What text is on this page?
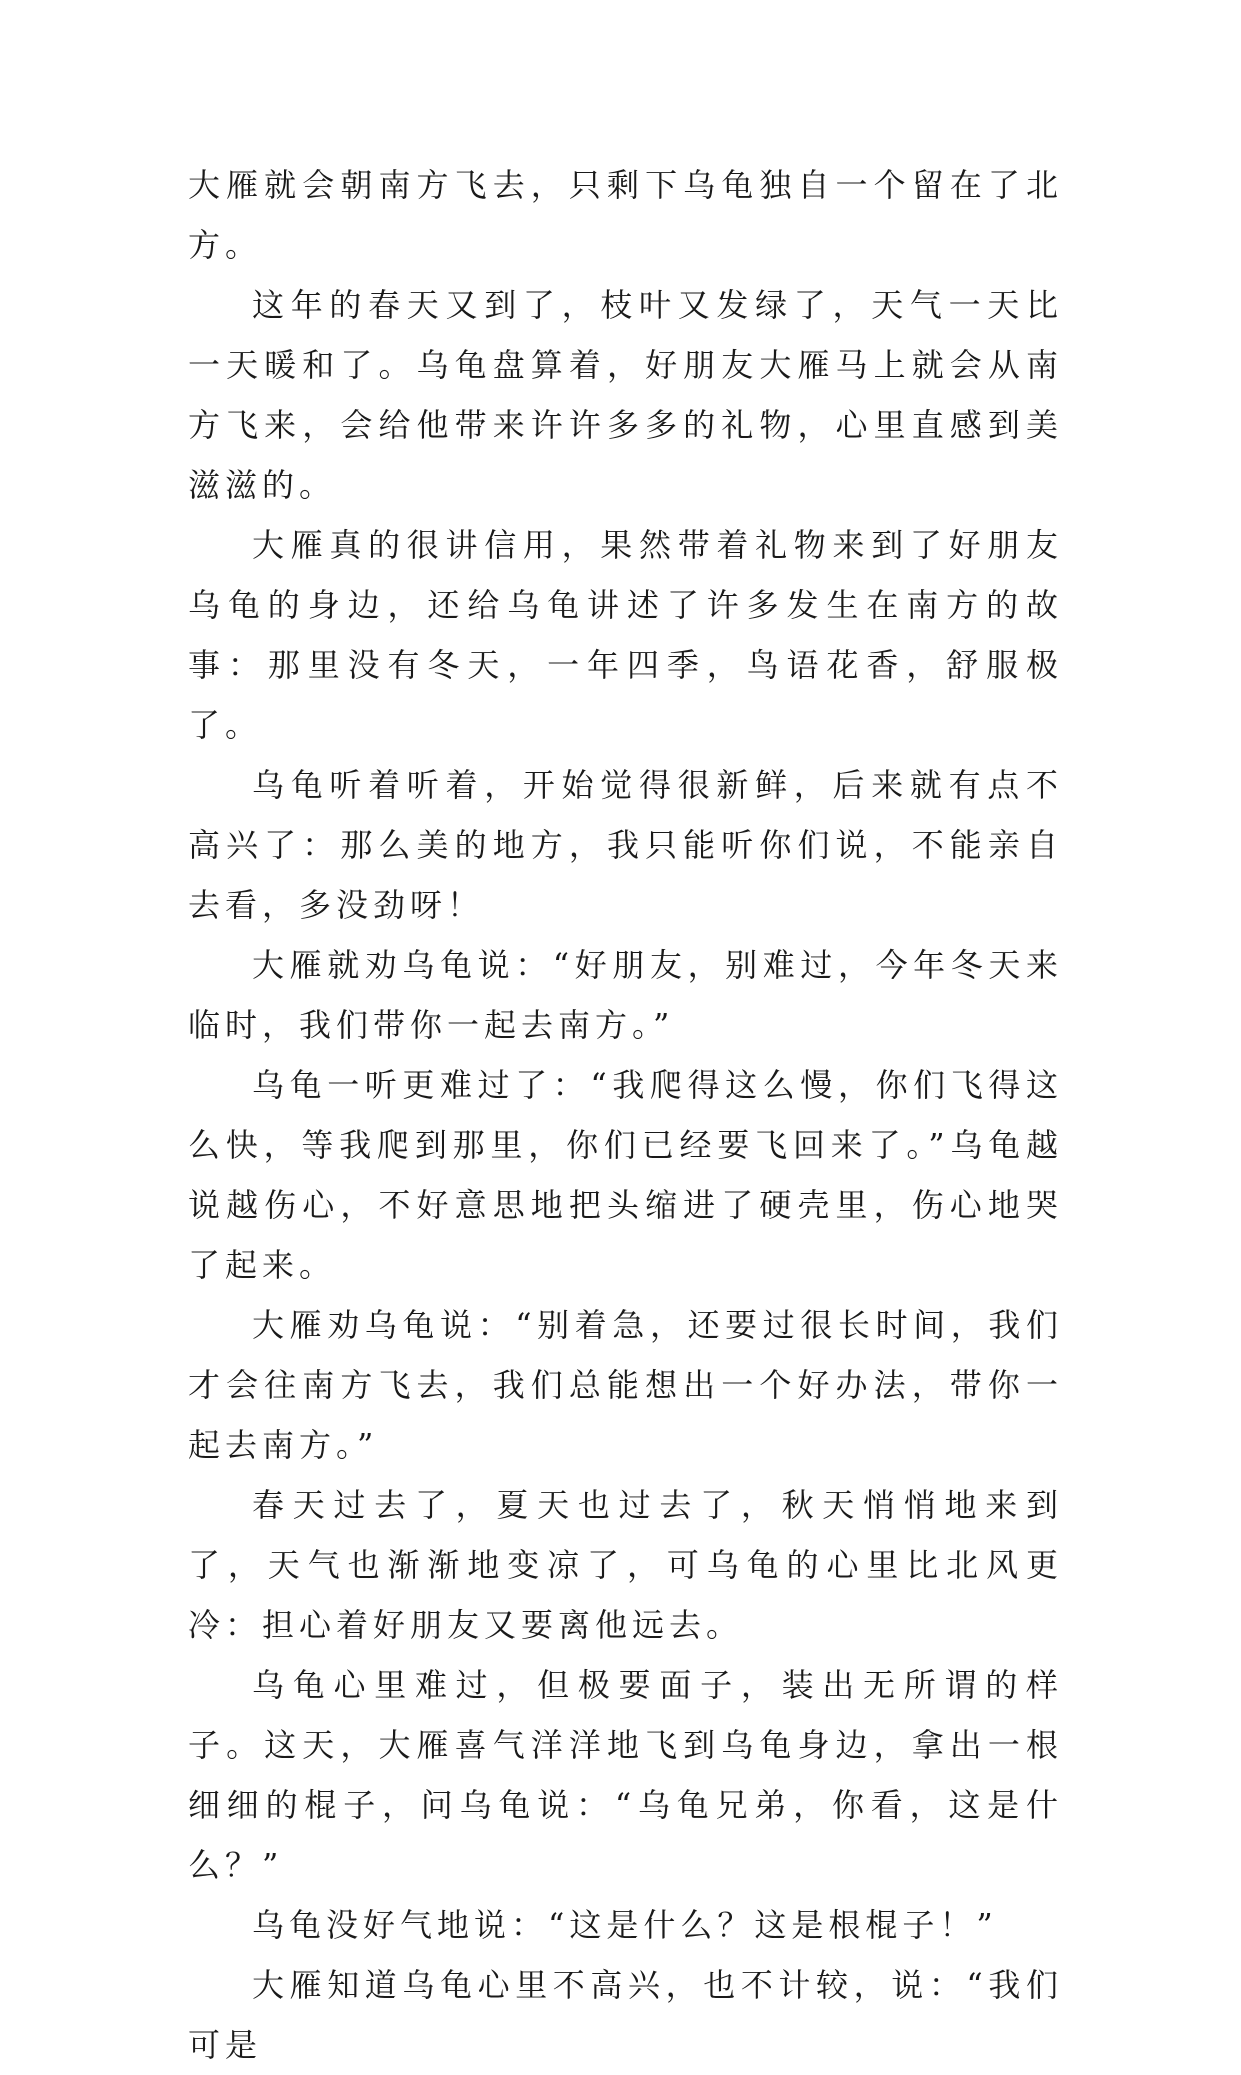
大雁就会朝南方飞去，只剩下乌龟独自一个留在了北方。

这年的春天又到了，枝叶又发绿了，天气一天比一天暖和了。乌龟盘算着，好朋友大雁马上就会从南方飞来，会给他带来许许多多的礼物，心里直感到美滋滋的。

大雁真的很讲信用，果然带着礼物来到了好朋友乌龟的身边，还给乌龟讲述了许多发生在南方的故事：那里没有冬天，一年四季，鸟语花香，舒服极了。

乌龟听着听着，开始觉得很新鲜，后来就有点不高兴了：那么美的地方，我只能听你们说，不能亲自去看，多没劲呀！

大雁就劝乌龟说：“好朋友，别难过，今年冬天来临时，我们带你一起去南方。”

乌龟一听更难过了：“我爬得这么慢，你们飞得这么快，等我爬到那里，你们已经要飞回来了。”乌龟越说越伤心，不好意思地把头缩进了硬壳里，伤心地哭了起来。

大雁劝乌龟说：“别着急，还要过很长时间，我们才会往南方飞去，我们总能想出一个好办法，带你一起去南方。”

春天过去了，夏天也过去了，秋天悄悄地来到了，天气也渐渐地变凉了，可乌龟的心里比北风更冷：担心着好朋友又要离他远去。

乌龟心里难过，但极要面子，装出无所谓的样子。这天，大雁喜气洋洋地飞到乌龟身边，拿出一根细细的棍子，问乌龟说：“乌龟兄弟，你看，这是什么？”

乌龟没好气地说：“这是什么？这是根棍子！”

大雁知道乌龟心里不高兴，也不计较，说：“我们可是
